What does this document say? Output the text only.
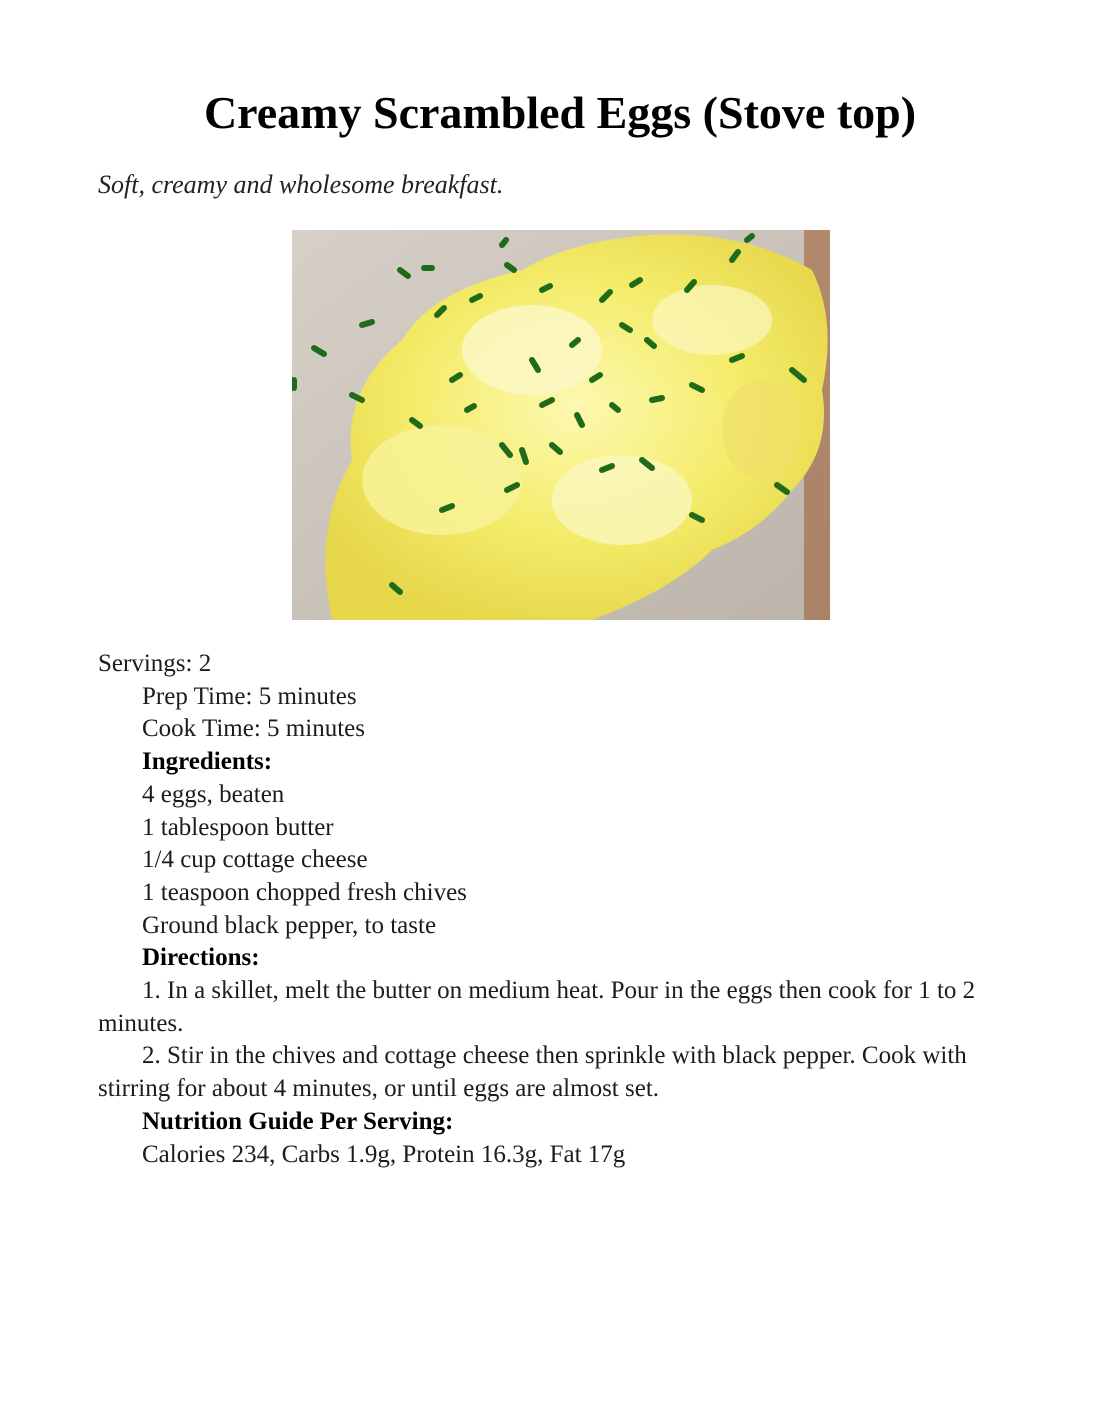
Creamy Scrambled Eggs (Stove top)

Soft, creamy and wholesome breakfast.

Servings: 2

Prep Time: 5 minutes

Cook Time: 5 minutes

Ingredients:

4 eggs, beaten

1 tablespoon butter

1/4 cup cottage cheese

1 teaspoon chopped fresh chives

Ground black pepper, to taste

Directions:

1. In a skillet, melt the butter on medium heat. Pour in the eggs then cook for 1 to 2 minutes.

2. Stir in the chives and cottage cheese then sprinkle with black pepper. Cook with stirring for about 4 minutes, or until eggs are almost set.

Nutrition Guide Per Serving:

Calories 234, Carbs 1.9g, Protein 16.3g, Fat 17g
